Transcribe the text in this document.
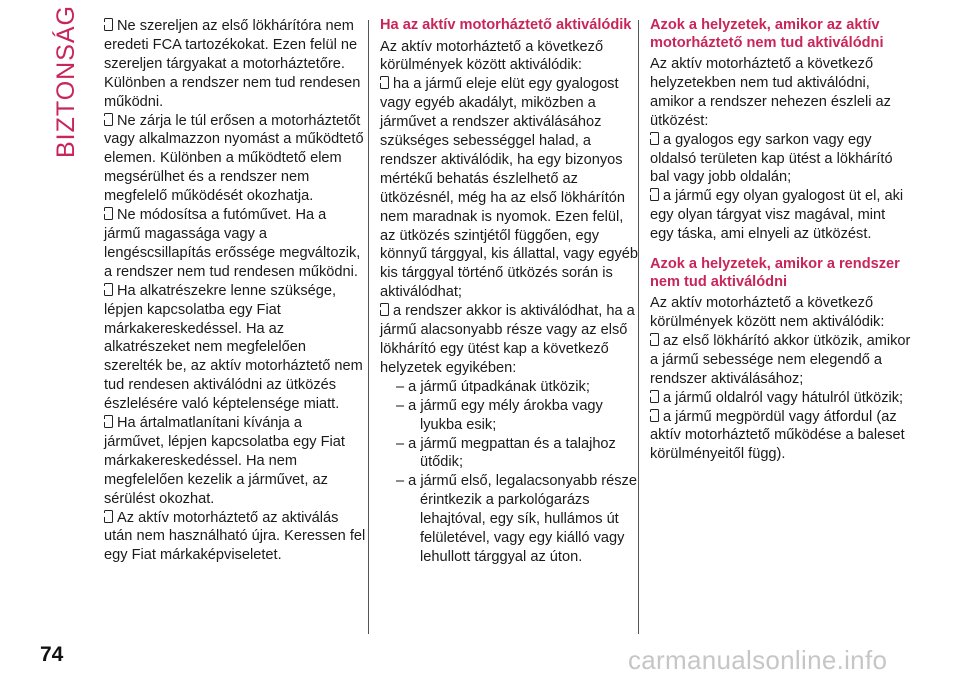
BIZTONSÁG	Ne szereljen az első lökhárítóra nem eredeti FCA tartozékokat. Ezen felül ne szereljen tárgyakat a motorháztetőre. Különben a rendszer nem tud rendesen működni.

Ne zárja le túl erősen a motorháztetőt vagy alkalmazzon nyomást a működtető elemen. Különben a működtető elem megsérülhet és a rendszer nem megfelelő működését okozhatja.

Ne módosítsa a futóművet. Ha a jármű magassága vagy a lengéscsillapítás erőssége megváltozik, a rendszer nem tud rendesen működni.

Ha alkatrészekre lenne szüksége, lépjen kapcsolatba egy Fiat márkakereskedéssel. Ha az alkatrészeket nem megfelelően szerelték be, az aktív motorháztető nem tud rendesen aktiválódni az ütközés észlelésére való képtelensége miatt.

Ha ártalmatlanítani kívánja a járművet, lépjen kapcsolatba egy Fiat márkakereskedéssel. Ha nem megfelelően kezelik a járművet, az sérülést okozhat.

Az aktív motorháztető az aktiválás után nem használható újra. Keressen fel egy Fiat márkaképviseletet.

Ha az aktív motorháztető aktiválódik

Az aktív motorháztető a következő körülmények között aktiválódik:

ha a jármű eleje elüt egy gyalogost vagy egyéb akadályt, miközben a járművet a rendszer aktiválásához szükséges sebességgel halad, a rendszer aktiválódik, ha egy bizonyos mértékű behatás észlelhető az ütközésnél, még ha az első lökhárítón nem maradnak is nyomok. Ezen felül, az ütközés szintjétől függően, egy könnyű tárggyal, kis állattal, vagy egyéb kis tárggyal történő ütközés során is aktiválódhat;

a rendszer akkor is aktiválódhat, ha a jármű alacsonyabb része vagy az első lökhárító egy ütést kap a következő helyzetek egyikében:

– a jármű útpadkának ütközik;

– a jármű egy mély árokba vagy lyukba esik;

– a jármű megpattan és a talajhoz ütődik;

– a jármű első, legalacsonyabb része érintkezik a parkológarázs lehajtóval, egy sík, hullámos út felületével, vagy egy kiálló vagy lehullott tárggyal az úton.

Azok a helyzetek, amikor az aktív motorháztető nem tud aktiválódni

Az aktív motorháztető a következő helyzetekben nem tud aktiválódni, amikor a rendszer nehezen észleli az ütközést:

a gyalogos egy sarkon vagy egy oldalsó területen kap ütést a lökhárító bal vagy jobb oldalán;

a jármű egy olyan gyalogost üt el, aki egy olyan tárgyat visz magával, mint egy táska, ami elnyeli az ütközést.

Azok a helyzetek, amikor a rendszer nem tud aktiválódni

Az aktív motorháztető a következő körülmények között nem aktiválódik:

az első lökhárító akkor ütközik, amikor a jármű sebessége nem elegendő a rendszer aktiválásához;

a jármű oldalról vagy hátulról ütközik;

a jármű megpördül vagy átfordul (az aktív motorháztető működése a baleset körülményeitől függ).

74	carmanualsonline.info
